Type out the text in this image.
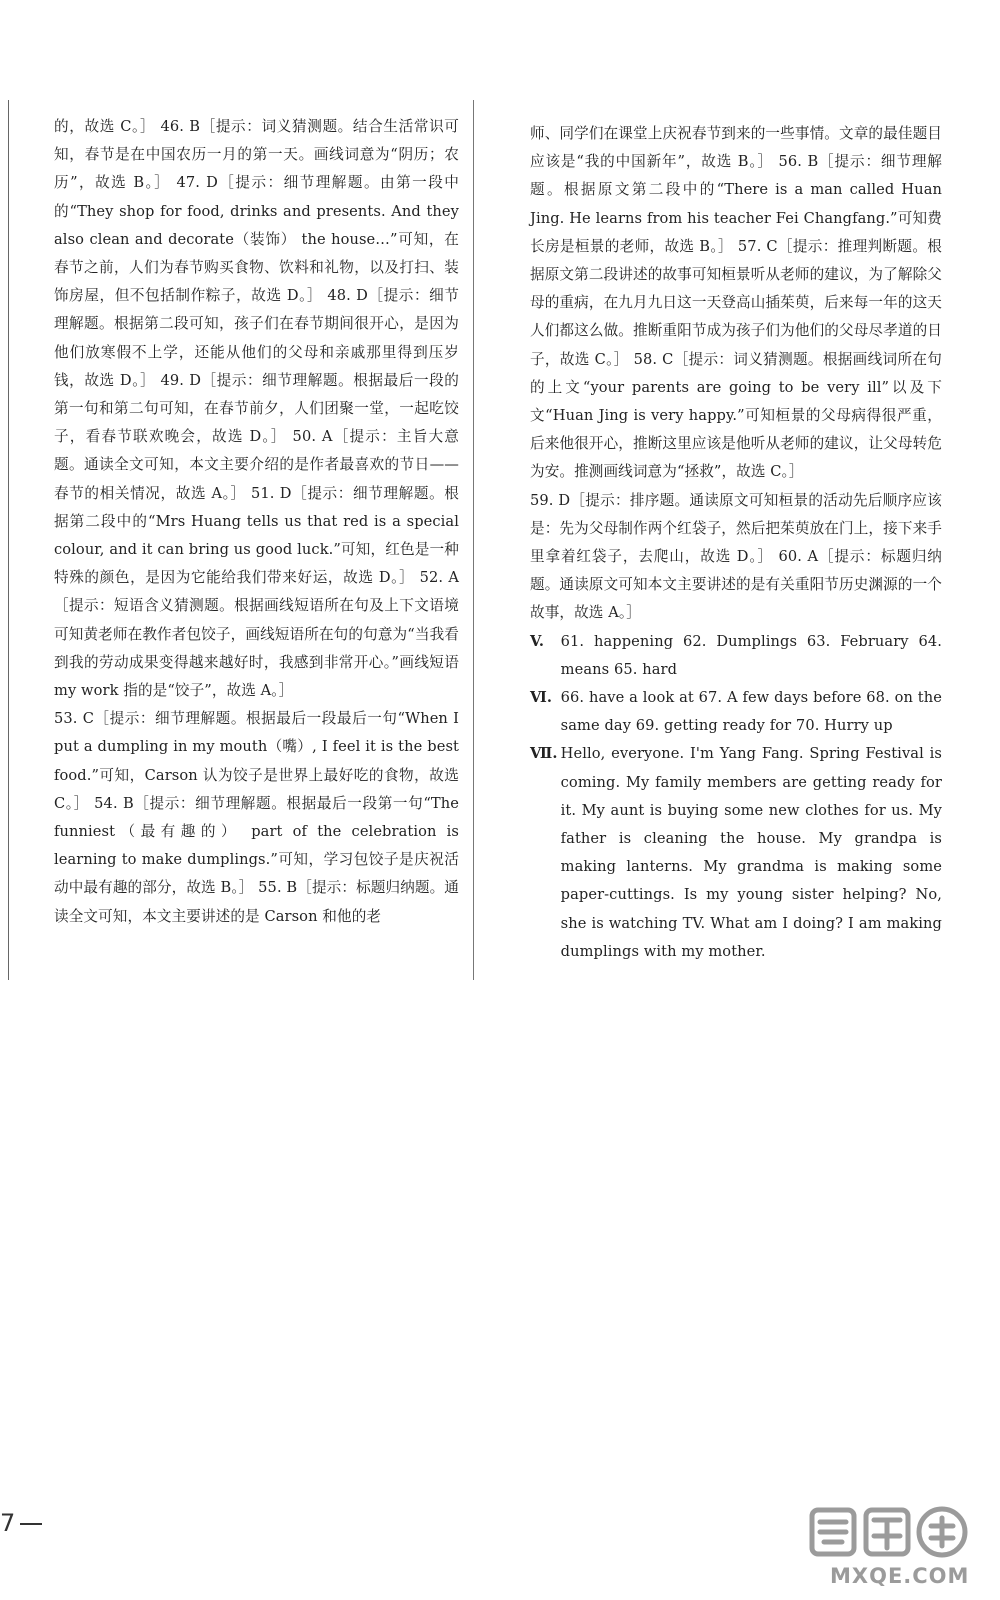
的，故选 C。］ 46. B［提示：词义猜测题。结合生活常识可知，春节是在中国农历一月的第一天。画线词意为“阴历；农历”，故选 B。］ 47. D［提示：细节理解题。由第一段中的“They shop for food, drinks and presents. And they also clean and decorate（装饰） the house…”可知，在春节之前，人们为春节购买食物、饮料和礼物，以及打扫、装饰房屋，但不包括制作粽子，故选 D。］ 48. D［提示：细节理解题。根据第二段可知，孩子们在春节期间很开心，是因为他们放寒假不上学，还能从他们的父母和亲戚那里得到压岁钱，故选 D。］ 49. D［提示：细节理解题。根据最后一段的第一句和第二句可知，在春节前夕，人们团聚一堂，一起吃饺子，看春节联欢晚会，故选 D。］ 50. A［提示：主旨大意题。通读全文可知，本文主要介绍的是作者最喜欢的节日——春节的相关情况，故选 A。］ 51. D［提示：细节理解题。根据第二段中的“Mrs Huang tells us that red is a special colour, and it can bring us good luck.”可知，红色是一种特殊的颜色，是因为它能给我们带来好运，故选 D。］ 52. A［提示：短语含义猜测题。根据画线短语所在句及上下文语境可知黄老师在教作者包饺子，画线短语所在句的句意为“当我看到我的劳动成果变得越来越好时，我感到非常开心。”画线短语 my work 指的是“饺子”，故选 A。］

53. C［提示：细节理解题。根据最后一段最后一句“When I put a dumpling in my mouth（嘴）, I feel it is the best food.”可知，Carson 认为饺子是世界上最好吃的食物，故选 C。］ 54. B［提示：细节理解题。根据最后一段第一句“The funniest（最有趣的） part of the celebration is learning to make dumplings.”可知，学习包饺子是庆祝活动中最有趣的部分，故选 B。］ 55. B［提示：标题归纳题。通读全文可知，本文主要讲述的是 Carson 和他的老

师、同学们在课堂上庆祝春节到来的一些事情。文章的最佳题目应该是“我的中国新年”，故选 B。］ 56. B［提示：细节理解题。根据原文第二段中的“There is a man called Huan Jing. He learns from his teacher Fei Changfang.”可知费长房是桓景的老师，故选 B。］ 57. C［提示：推理判断题。根据原文第二段讲述的故事可知桓景听从老师的建议，为了解除父母的重病，在九月九日这一天登高山插茱萸，后来每一年的这天人们都这么做。推断重阳节成为孩子们为他们的父母尽孝道的日子，故选 C。］ 58. C［提示：词义猜测题。根据画线词所在句的上文“your parents are going to be very ill”以及下文“Huan Jing is very happy.”可知桓景的父母病得很严重，后来他很开心，推断这里应该是他听从老师的建议，让父母转危为安。推测画线词意为“拯救”，故选 C。］

59. D［提示：排序题。通读原文可知桓景的活动先后顺序应该是：先为父母制作两个红袋子，然后把茱萸放在门上，接下来手里拿着红袋子，去爬山，故选 D。］ 60. A［提示：标题归纳题。通读原文可知本文主要讲述的是有关重阳节历史渊源的一个故事，故选 A。］

V. 61. happening 62. Dumplings 63. February 64. means 65. hard

Ⅵ. 66. have a look at 67. A few days before 68. on the same day 69. getting ready for 70. Hurry up

Ⅶ. Hello, everyone. I'm Yang Fang. Spring Festival is coming. My family members are getting ready for it. My aunt is buying some new clothes for us. My father is cleaning the house. My grandpa is making lanterns. My grandma is making some paper-cuttings. Is my young sister helping? No, she is watching TV. What am I doing? I am making dumplings with my mother.

7
MXQE.COM
